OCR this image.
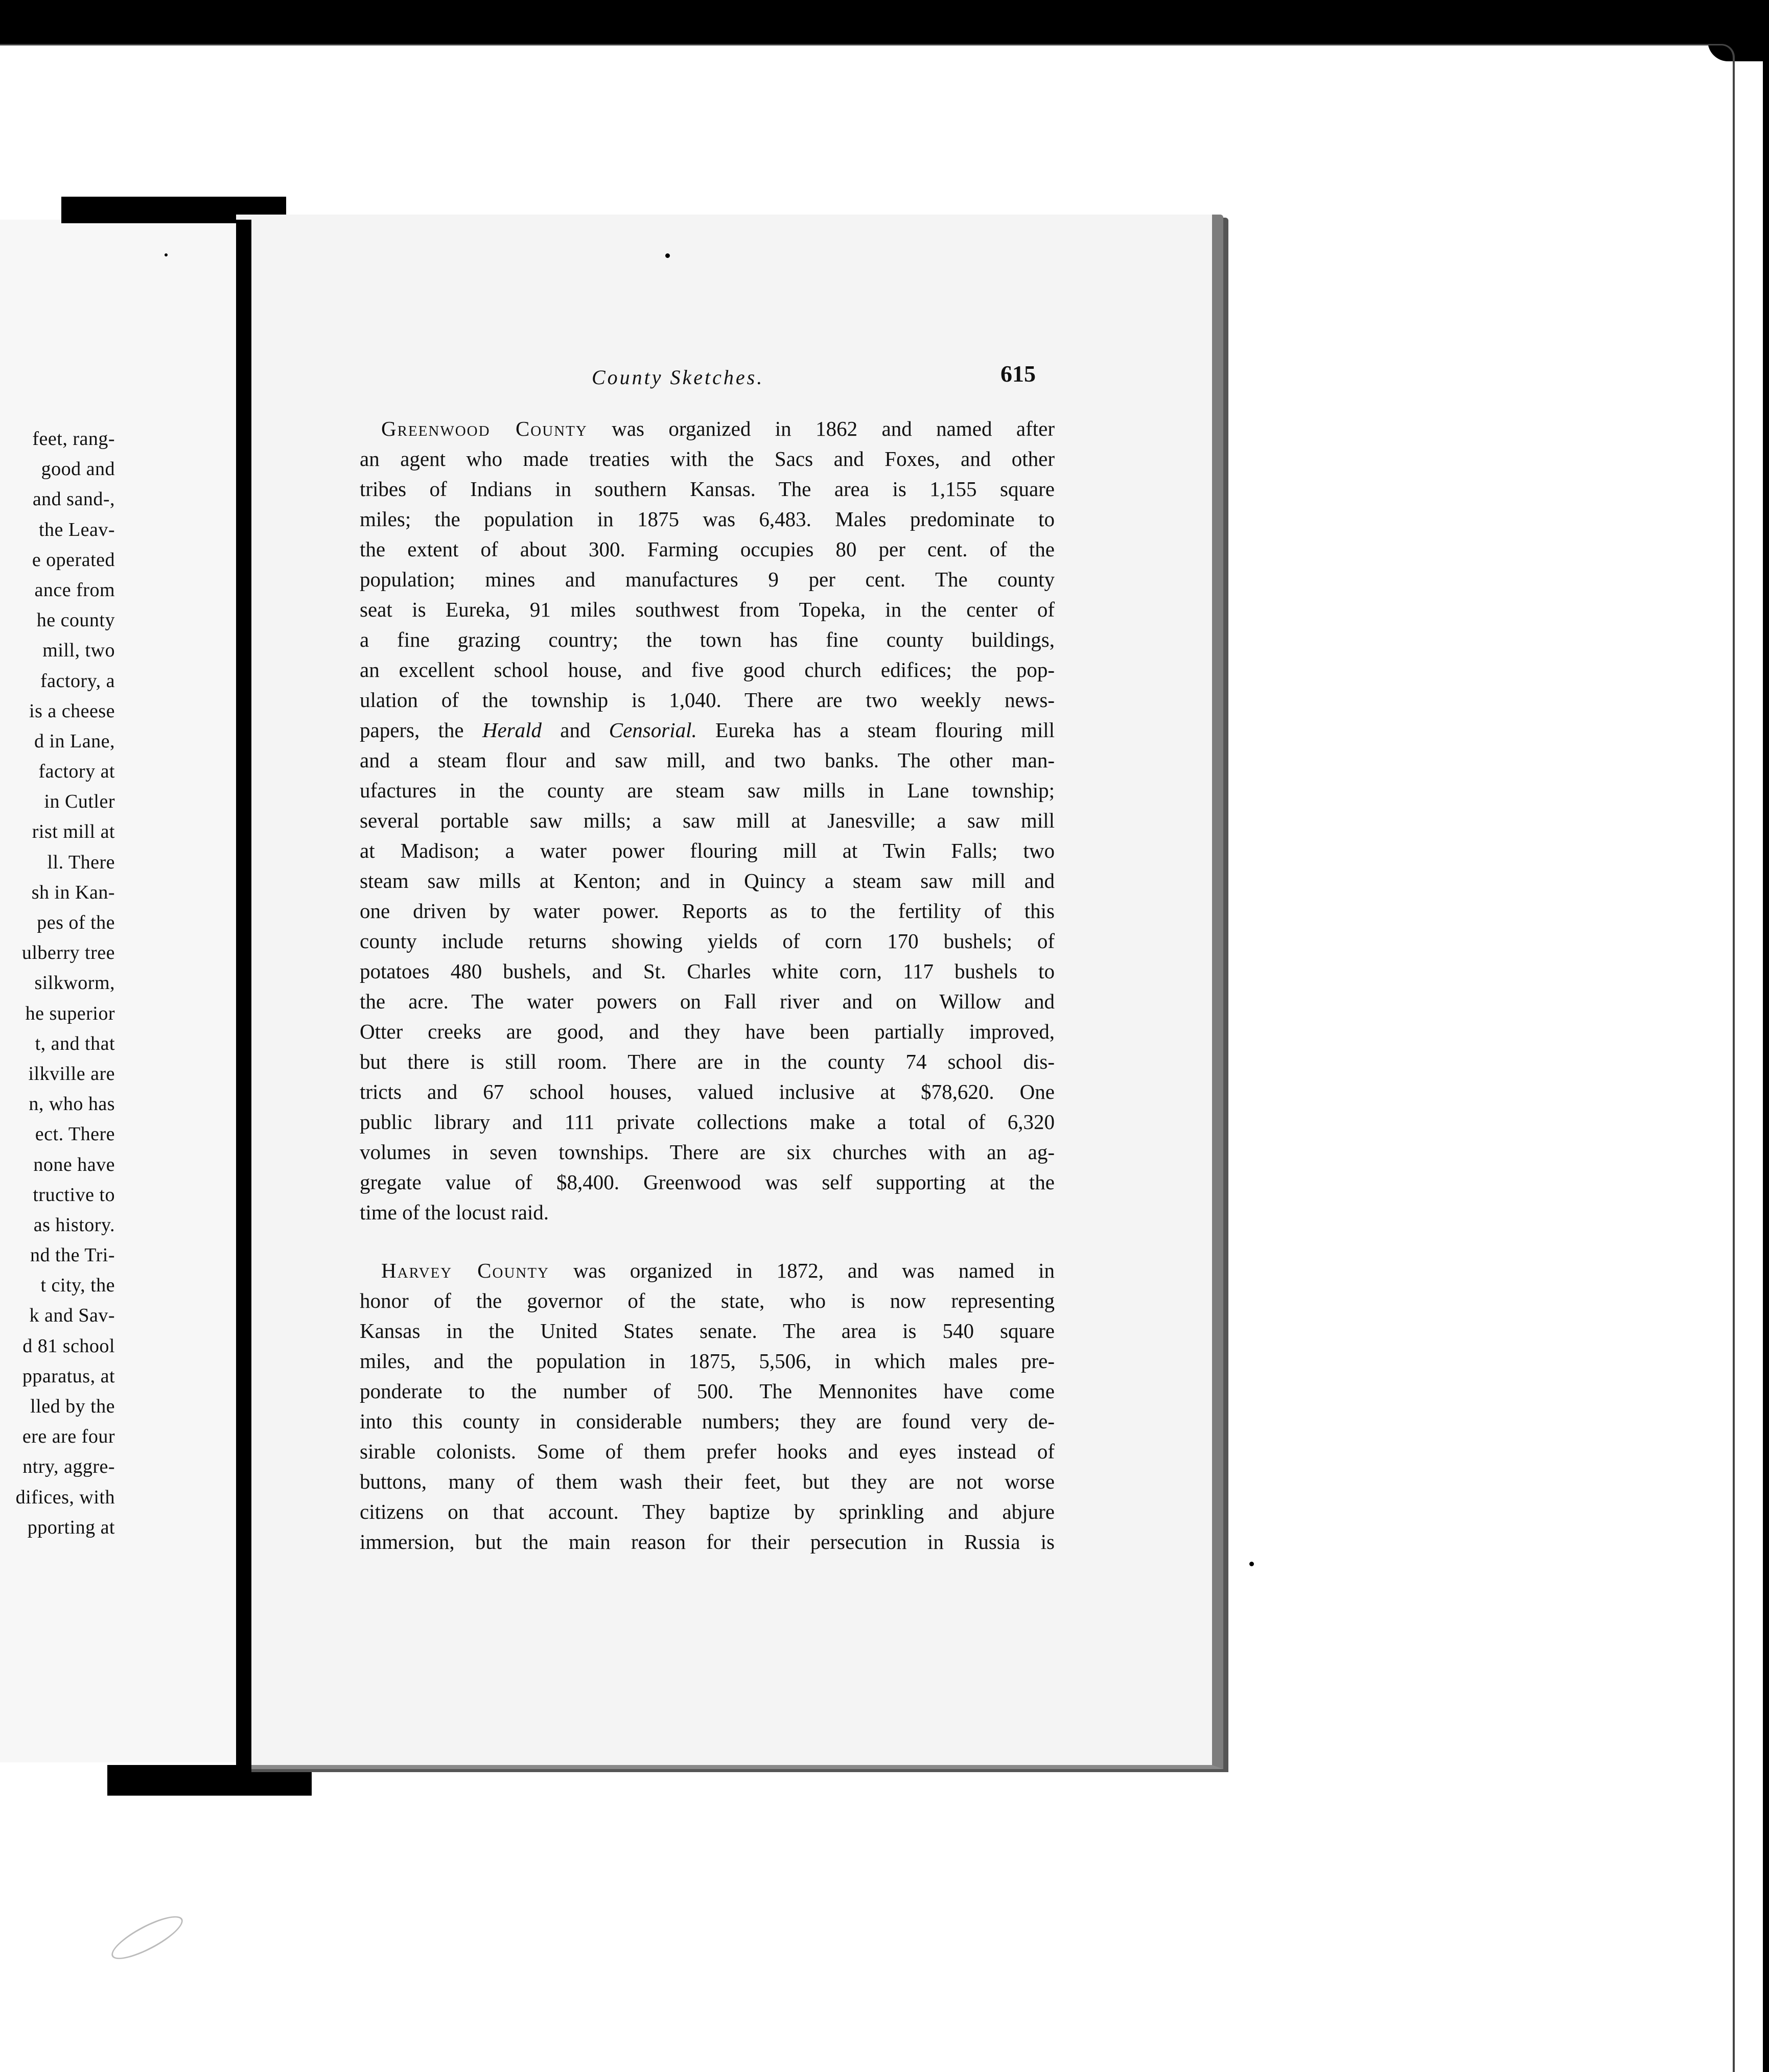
feet, rang-
good and
and sand-,
the Leav-
e operated
ance from
he county
mill, two
factory, a
is a cheese
d in Lane,
factory at
in Cutler
rist mill at
ll. There
sh in Kan-
pes of the
ulberry tree
silkworm,
he superior
t, and that
ilkville are
n, who has
ect. There
none have
tructive to
as history.
nd the Tri-
t city, the
k and Sav-
d 81 school
pparatus, at
lled by the
ere are four
ntry, aggre-
difices, with
pporting at
County Sketches.	615
Greenwood County was organized in 1862 and named after
an agent who made treaties with the Sacs and Foxes, and other
tribes of Indians in southern Kansas. The area is 1,155 square
miles; the population in 1875 was 6,483. Males predominate to
the extent of about 300. Farming occupies 80 per cent. of the
population; mines and manufactures 9 per cent. The county
seat is Eureka, 91 miles southwest from Topeka, in the center of
a fine grazing country; the town has fine county buildings,
an excellent school house, and five good church edifices; the pop-
ulation of the township is 1,040. There are two weekly news-
papers, the Herald and Censorial. Eureka has a steam flouring mill
and a steam flour and saw mill, and two banks. The other man-
ufactures in the county are steam saw mills in Lane township;
several portable saw mills; a saw mill at Janesville; a saw mill
at Madison; a water power flouring mill at Twin Falls; two
steam saw mills at Kenton; and in Quincy a steam saw mill and
one driven by water power. Reports as to the fertility of this
county include returns showing yields of corn 170 bushels; of
potatoes 480 bushels, and St. Charles white corn, 117 bushels to
the acre. The water powers on Fall river and on Willow and
Otter creeks are good, and they have been partially improved,
but there is still room. There are in the county 74 school dis-
tricts and 67 school houses, valued inclusive at $78,620. One
public library and 111 private collections make a total of 6,320
volumes in seven townships. There are six churches with an ag-
gregate value of $8,400. Greenwood was self supporting at the
time of the locust raid.
Harvey County was organized in 1872, and was named in
honor of the governor of the state, who is now representing
Kansas in the United States senate. The area is 540 square
miles, and the population in 1875, 5,506, in which males pre-
ponderate to the number of 500. The Mennonites have come
into this county in considerable numbers; they are found very de-
sirable colonists. Some of them prefer hooks and eyes instead of
buttons, many of them wash their feet, but they are not worse
citizens on that account. They baptize by sprinkling and abjure
immersion, but the main reason for their persecution in Russia is
